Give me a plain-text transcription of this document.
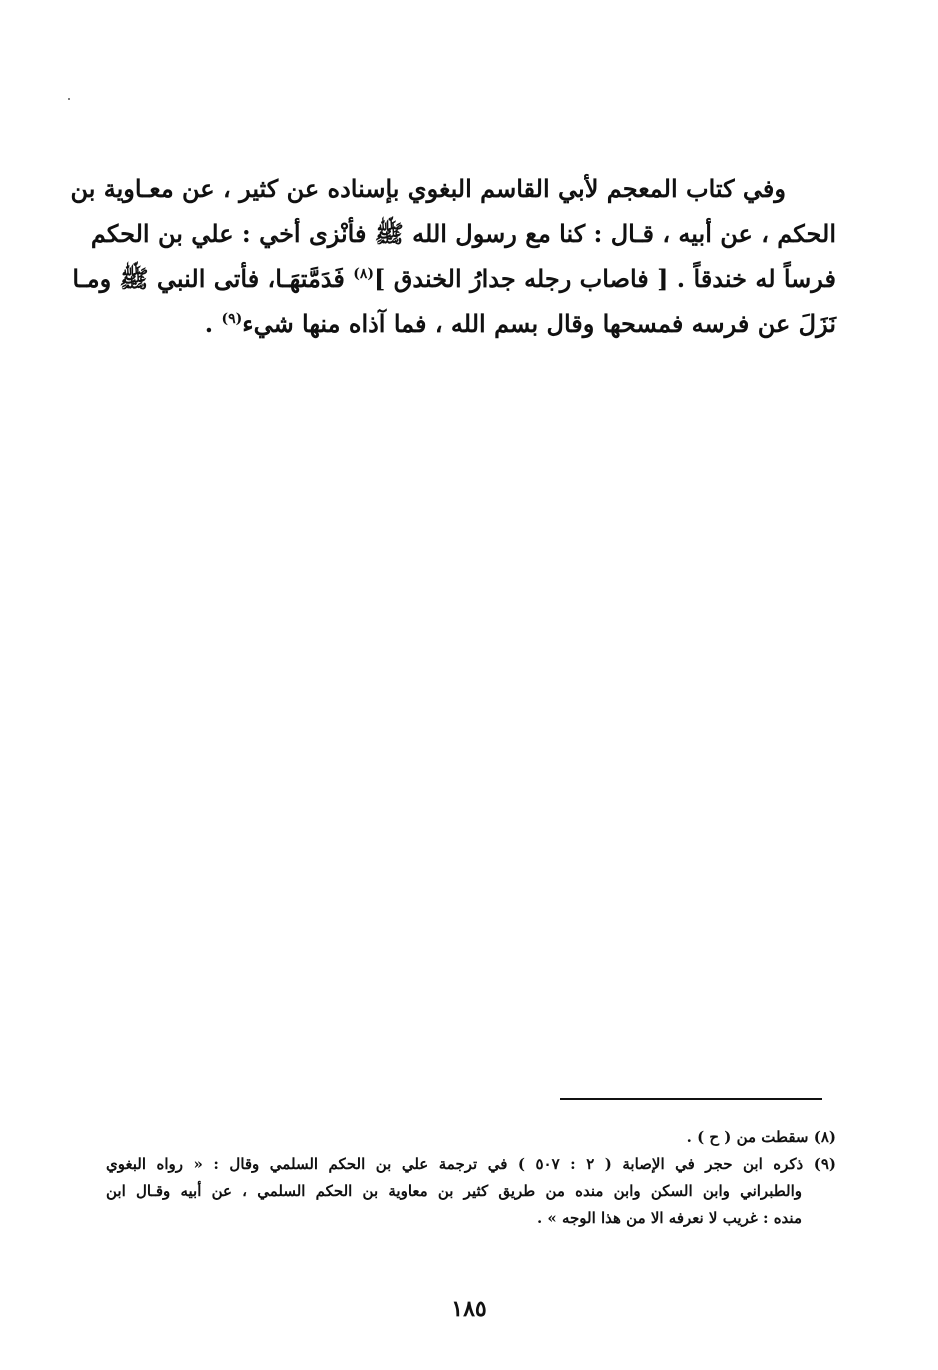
وفي كتاب المعجم لأبي القاسم البغوي بإسناده عن كثير ، عن معـاوية بن
الحكم ، عن أبيه ، قـال : كنا مع رسول الله ﷺ فأنْزى أخي : علي بن الحكم
فرساً له خندقاً . [ فاصاب رجله جدارُ الخندق ]$^{(٨)}$ فَدَمَّتهَـا، فأتى النبي ﷺ ومـا
نَزَلَ عن فرسه فمسحها وقال بسم الله ، فما آذاه منها شيء$^{(٩)}$ .
(٨) سقطت من ( ح ) .
(٩) ذكره ابن حجر في الإصابة ( ٢ : ٥٠٧ ) في ترجمة علي بن الحكم السلمي وقال : « رواه البغوي
والطبراني وابن السكن وابن منده من طريق كثير بن معاوية بن الحكم السلمي ، عن أبيه وقـال ابن
منده : غريب لا نعرفه الا من هذا الوجه » .
١٨٥
